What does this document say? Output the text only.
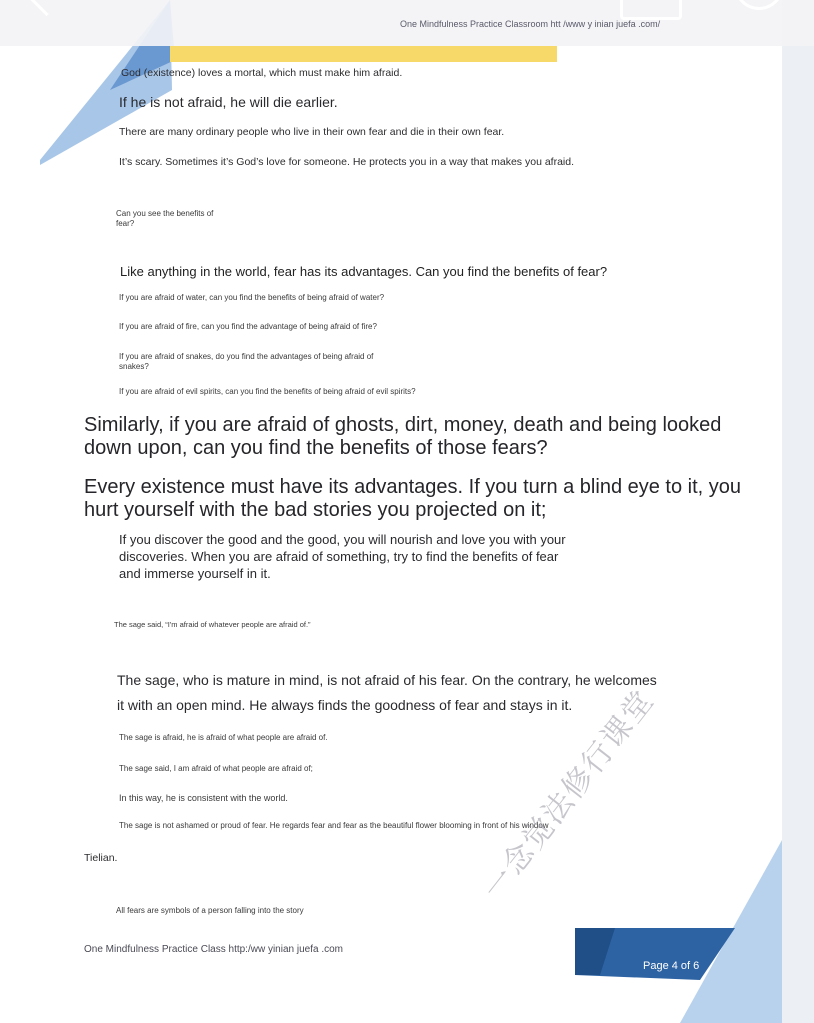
God (existence) loves a mortal, which must make him afraid.
If he is not afraid, he will die earlier.
There are many ordinary people who live in their own fear and die in their own fear.
It’s scary. Sometimes it’s God’s love for someone. He protects you in a way that makes you afraid.
Can you see the benefits of
fear?
Like anything in the world, fear has its advantages. Can you find the benefits of fear?
If you are afraid of water, can you find the benefits of being afraid of water?
If you are afraid of fire, can you find the advantage of being afraid of fire?
If you are afraid of snakes, do you find the advantages of being afraid of snakes?
If you are afraid of evil spirits, can you find the benefits of being afraid of evil spirits?
Similarly, if you are afraid of ghosts, dirt, money, death and being looked down upon, can you find the benefits of those fears?
Every existence must have its advantages. If you turn a blind eye to it, you hurt yourself with the bad stories you projected on it;
If you discover the good and the good, you will nourish and love you with your discoveries. When you are afraid of something, try to find the benefits of fear and immerse yourself in it.
The sage said, “I'm afraid of whatever people are afraid of.”
The sage, who is mature in mind, is not afraid of his fear. On the contrary, he welcomes
it with an open mind. He always finds the goodness of fear and stays in it.
The sage is afraid, he is afraid of what people are afraid of.
The sage said, I am afraid of what people are afraid of;
In this way, he is consistent with the world.
The sage is not ashamed or proud of fear. He regards fear and fear as the beautiful flower blooming in front of his window
Tielian.
All fears are symbols of a person falling into the story
One Mindfulness Practice Class http:/ww yinian juefa .com
一念觉法修行课堂
Page 4 of 6
One Mindfulness Practice Classroom htt /www y inian juefa .com/
